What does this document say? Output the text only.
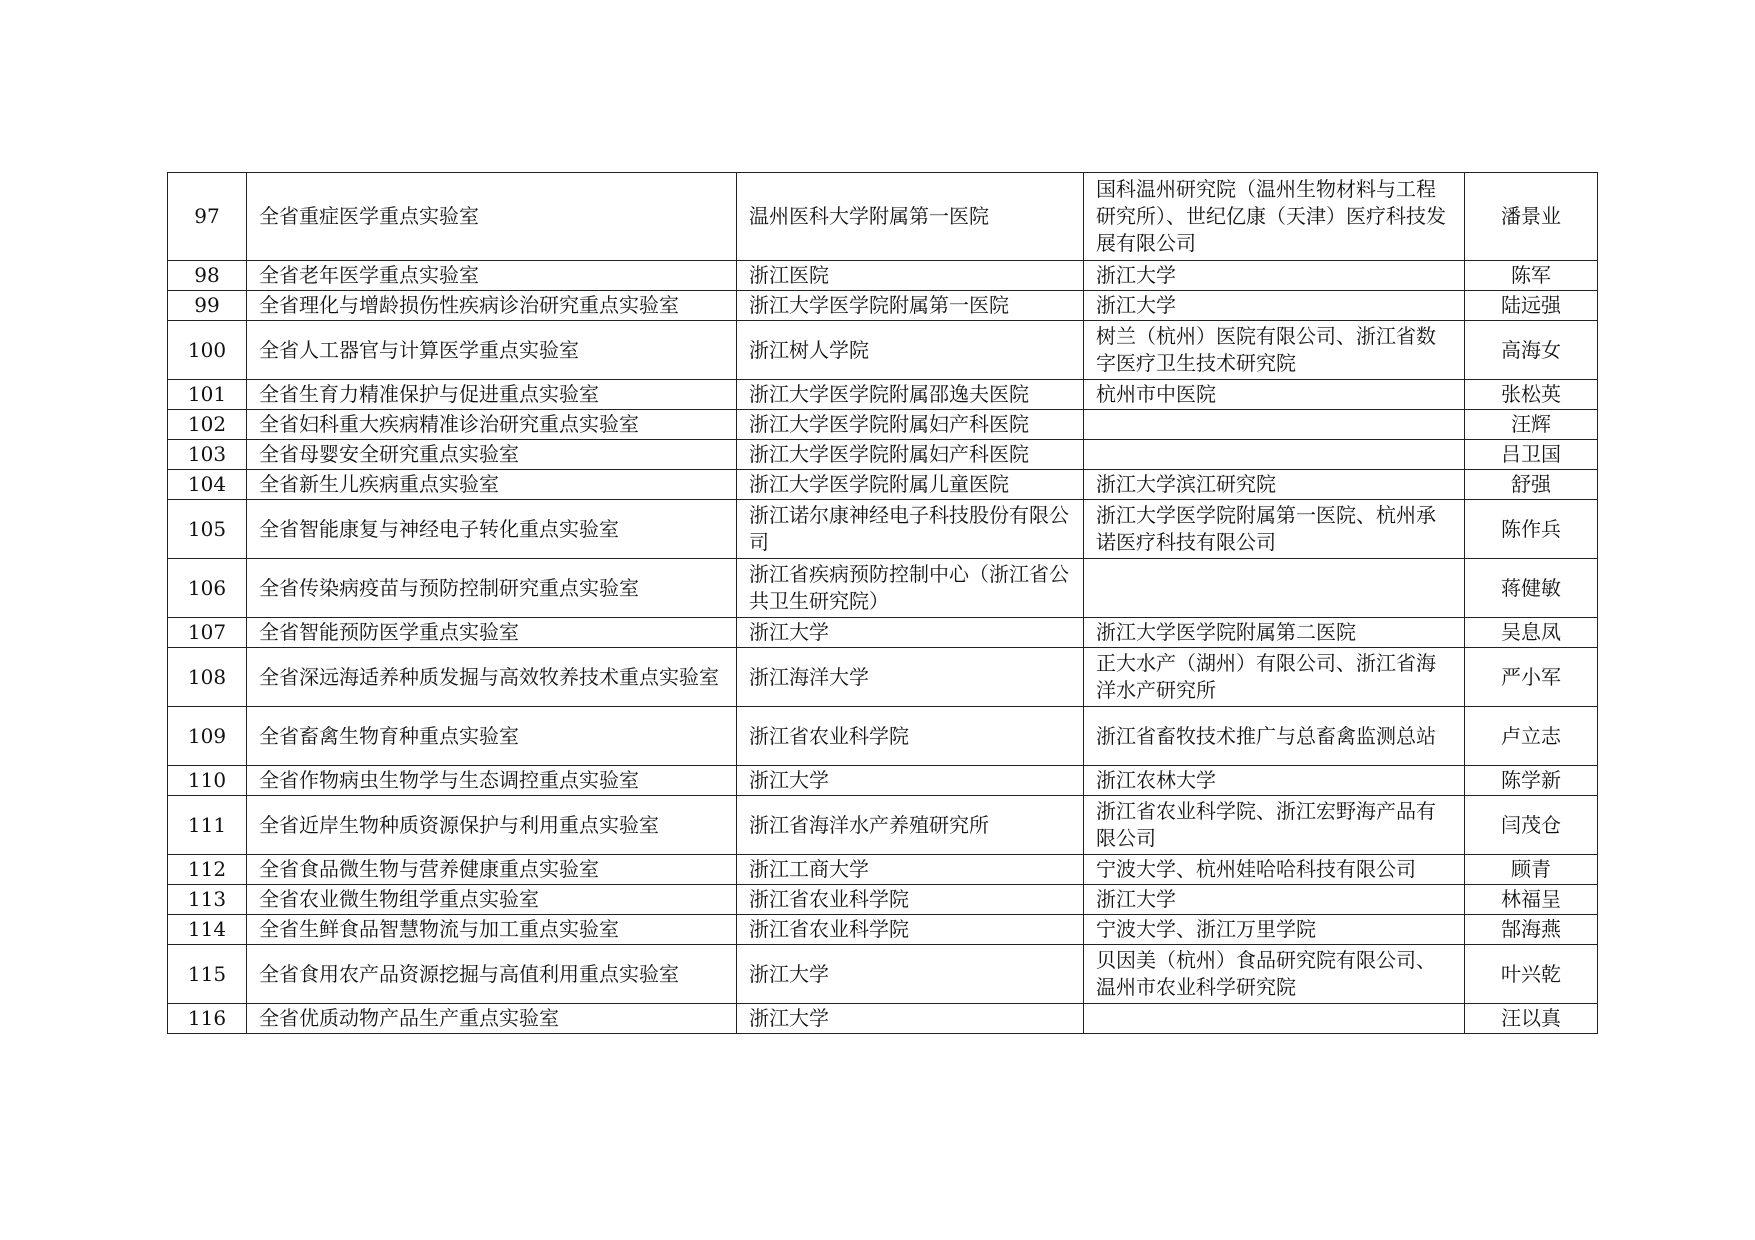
97	全省重症医学重点实验室	温州医科大学附属第一医院	国科温州研究院（温州生物材料与工程研究所）、世纪亿康（天津）医疗科技发展有限公司	潘景业
98	全省老年医学重点实验室	浙江医院	浙江大学	陈军
99	全省理化与增龄损伤性疾病诊治研究重点实验室	浙江大学医学院附属第一医院	浙江大学	陆远强
100	全省人工器官与计算医学重点实验室	浙江树人学院	树兰（杭州）医院有限公司、浙江省数字医疗卫生技术研究院	高海女
101	全省生育力精准保护与促进重点实验室	浙江大学医学院附属邵逸夫医院	杭州市中医院	张松英
102	全省妇科重大疾病精准诊治研究重点实验室	浙江大学医学院附属妇产科医院		汪辉
103	全省母婴安全研究重点实验室	浙江大学医学院附属妇产科医院		吕卫国
104	全省新生儿疾病重点实验室	浙江大学医学院附属儿童医院	浙江大学滨江研究院	舒强
105	全省智能康复与神经电子转化重点实验室	浙江诺尔康神经电子科技股份有限公司	浙江大学医学院附属第一医院、杭州承诺医疗科技有限公司	陈作兵
106	全省传染病疫苗与预防控制研究重点实验室	浙江省疾病预防控制中心（浙江省公共卫生研究院）		蒋健敏
107	全省智能预防医学重点实验室	浙江大学	浙江大学医学院附属第二医院	吴息凤
108	全省深远海适养种质发掘与高效牧养技术重点实验室	浙江海洋大学	正大水产（湖州）有限公司、浙江省海洋水产研究所	严小军
109	全省畜禽生物育种重点实验室	浙江省农业科学院	浙江省畜牧技术推广与总畜禽监测总站	卢立志
110	全省作物病虫生物学与生态调控重点实验室	浙江大学	浙江农林大学	陈学新
111	全省近岸生物种质资源保护与利用重点实验室	浙江省海洋水产养殖研究所	浙江省农业科学院、浙江宏野海产品有限公司	闫茂仓
112	全省食品微生物与营养健康重点实验室	浙江工商大学	宁波大学、杭州娃哈哈科技有限公司	顾青
113	全省农业微生物组学重点实验室	浙江省农业科学院	浙江大学	林福呈
114	全省生鲜食品智慧物流与加工重点实验室	浙江省农业科学院	宁波大学、浙江万里学院	郜海燕
115	全省食用农产品资源挖掘与高值利用重点实验室	浙江大学	贝因美（杭州）食品研究院有限公司、温州市农业科学研究院	叶兴乾
116	全省优质动物产品生产重点实验室	浙江大学		汪以真
